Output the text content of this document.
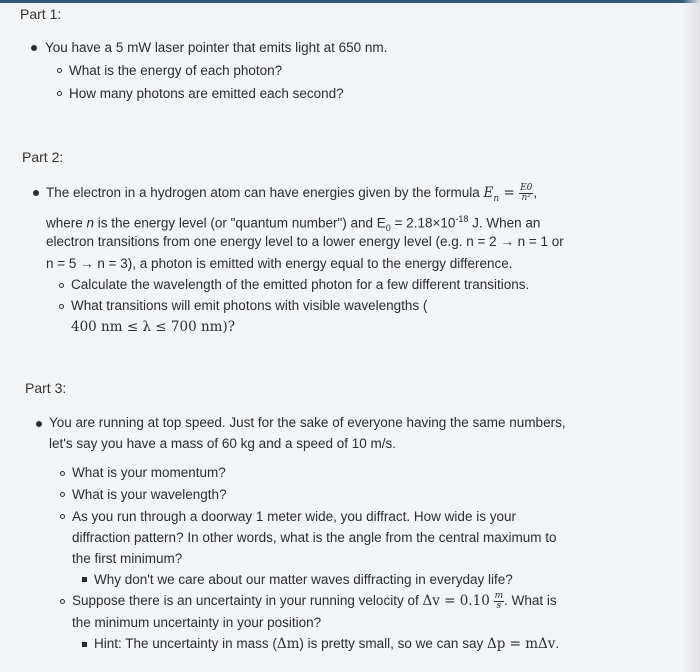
Part 1:
You have a 5 mW laser pointer that emits light at 650 nm.
What is the energy of each photon?
How many photons are emitted each second?
Part 2:
The electron in a hydrogen atom can have energies given by the formula $E_n = \frac{E0}{\text{n²}}$ ,
where n is the energy level (or "quantum number") and $E_0 = 2.18\times 10^{-18}$ J. When an
electron transitions from one energy level to a lower energy level (e.g. n = 2 → n = 1 or
n = 5 → n = 3), a photon is emitted with energy equal to the energy difference.
Calculate the wavelength of the emitted photon for a few different transitions.
What transitions will emit photons with visible wavelengths (
400 nm ≤ λ ≤ 700 nm)?
Part 3:
You are running at top speed. Just for the sake of everyone having the same numbers,
let's say you have a mass of 60 kg and a speed of 10 m/s.
What is your momentum?
What is your wavelength?
As you run through a doorway 1 meter wide, you diffract. How wide is your
diffraction pattern? In other words, what is the angle from the central maximum to
the first minimum?
Why don't we care about our matter waves diffracting in everyday life?
Suppose there is an uncertainty in your running velocity of $\Delta v = 0.10 \frac{m}{s}$ . What is
the minimum uncertainty in your position?
Hint: The uncertainty in mass (Δm) is pretty small, so we can say Δp = mΔv.
